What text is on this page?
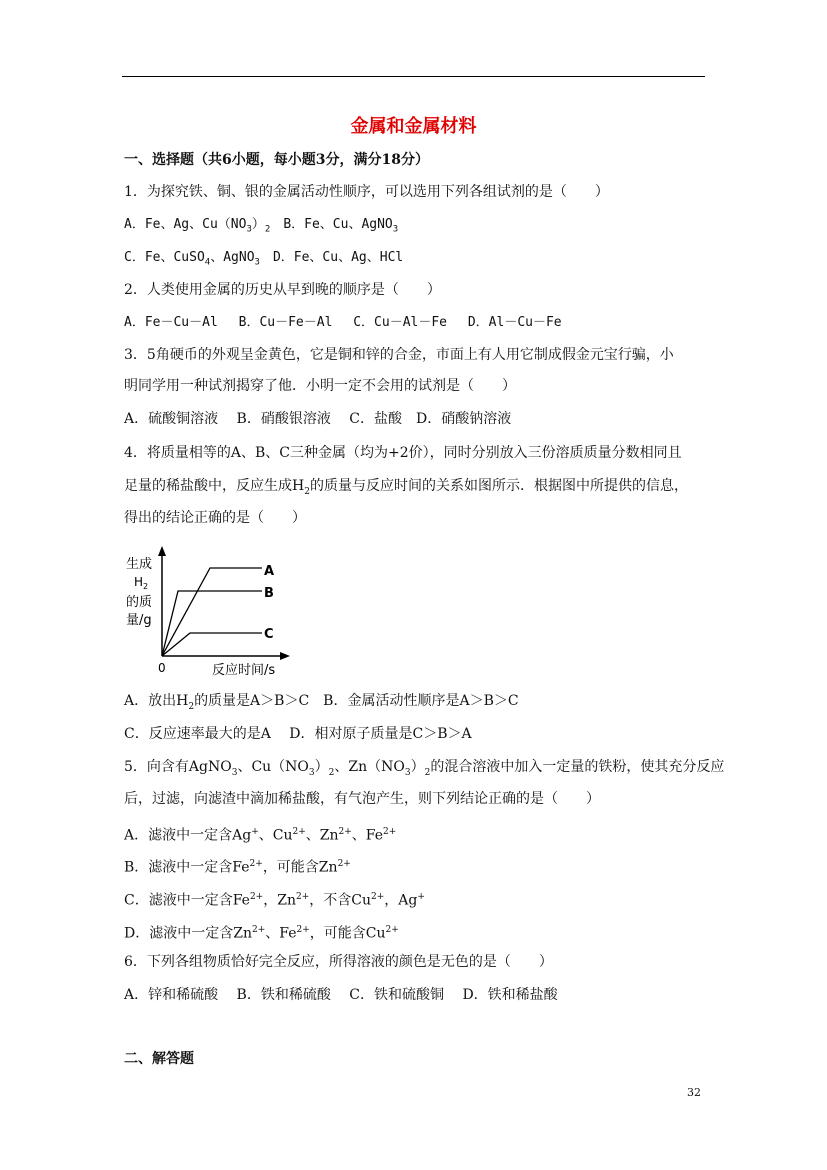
金属和金属材料
一、选择题（共6小题，每小题3分，满分18分）
1．为探究铁、铜、银的金属活动性顺序，可以选用下列各组试剂的是（　　）
A．Fe、Ag、$Cu(NO_3)_2$　B．Fe、Cu、AgNO$_3$
C．Fe、CuSO$_4$、AgNO$_3$　D．Fe、Cu、Ag、HCl
2．人类使用金属的历史从早到晚的顺序是（　　）
A．Fe－Cu－Al　 B．Cu－Fe－Al　 C．Cu－Al－Fe　 D．Al－Cu－Fe
3．5角硬币的外观呈金黄色，它是铜和锌的合金，市面上有人用它制成假金元宝行骗，小
明同学用一种试剂揭穿了他．小明一定不会用的试剂是（　　）
A．硫酸铜溶液　 B．硝酸银溶液　 C．盐酸　D．硝酸钠溶液
4．将质量相等的A、B、C三种金属（均为+2价），同时分别放入三份溶质质量分数相同且
足量的稀盐酸中，反应生成$H_2$的质量与反应时间的关系如图所示．根据图中所提供的信息，
得出的结论正确的是（　　）
A
B
C
生成
$H_2$
的质
量/g
0	反应时间/s
A．放出$H_2$的质量是A＞B＞C　B．金属活动性顺序是A＞B＞C
C．反应速率最大的是A　 D．相对原子质量是C＞B＞A
5．向含有AgNO$_3$、$Cu(NO_3)_2$、$Zn(NO_3)_2$的混合溶液中加入一定量的铁粉，使其充分反应
后，过滤，向滤渣中滴加稀盐酸，有气泡产生，则下列结论正确的是（　　）
A．滤液中一定含Ag+、$Cu^{2+}$、$Zn^{2+}$、$Fe^{2+}$
B．滤液中一定含$Fe^{2+}$，可能含$Zn^{2+}$
C．滤液中一定含$Fe^{2+}$，$Zn^{2+}$，不含$Cu^{2+}$，Ag+
D．滤液中一定含$Zn^{2+}$、$Fe^{2+}$，可能含$Cu^{2+}$
6．下列各组物质恰好完全反应，所得溶液的颜色是无色的是（　　）
A．锌和稀硫酸　 B．铁和稀硫酸　 C．铁和硫酸铜　 D．铁和稀盐酸
二、解答题
32
